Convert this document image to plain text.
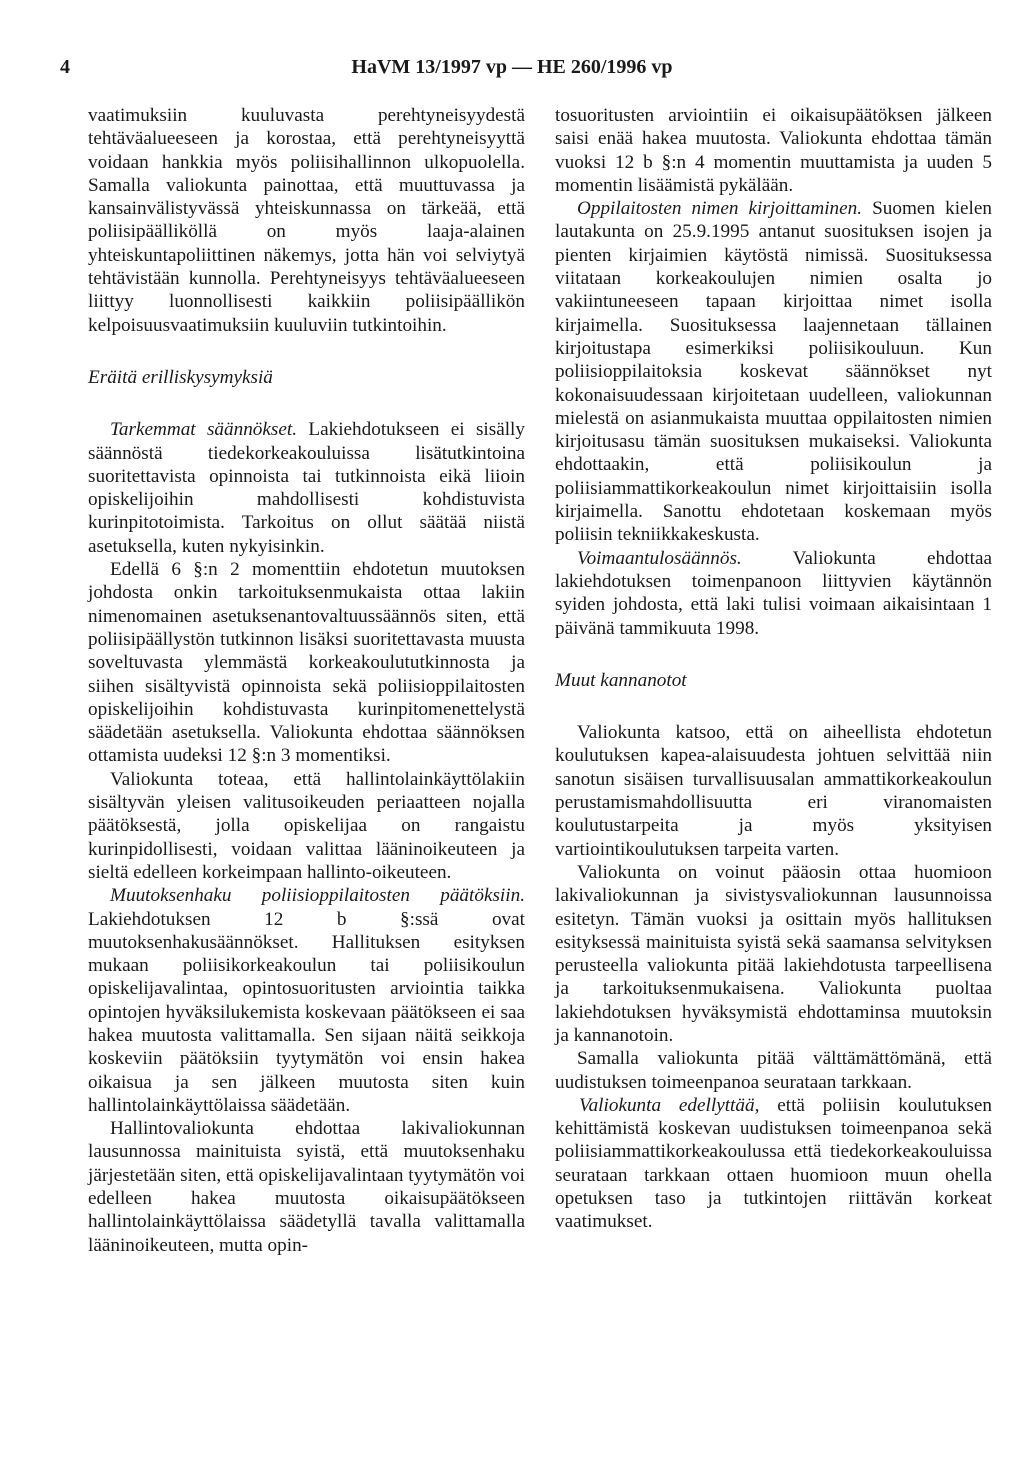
4	HaVM 13/1997 vp — HE 260/1996 vp

vaatimuksiin kuuluvasta perehtyneisyydestä tehtäväalueeseen ja korostaa, että perehtyneisyyttä voidaan hankkia myös poliisihallinnon ulkopuolella. Samalla valiokunta painottaa, että muuttuvassa ja kansainvälistyvässä yhteiskunnassa on tärkeää, että poliisipäälliköllä on myös laaja-alainen yhteiskuntapoliittinen näkemys, jotta hän voi selviytyä tehtävistään kunnolla. Perehtyneisyys tehtäväalueeseen liittyy luonnollisesti kaikkiin poliisipäällikön kelpoisuusvaatimuksiin kuuluviin tutkintoihin.

Eräitä erilliskysymyksiä

Tarkemmat säännökset. Lakiehdotukseen ei sisälly säännöstä tiedekorkeakouluissa lisätutkintoina suoritettavista opinnoista tai tutkinnoista eikä liioin opiskelijoihin mahdollisesti kohdistuvista kurinpitotoimista. Tarkoitus on ollut säätää niistä asetuksella, kuten nykyisinkin.

Edellä 6 §:n 2 momenttiin ehdotetun muutoksen johdosta onkin tarkoituksenmukaista ottaa lakiin nimenomainen asetuksenantovaltuussäännös siten, että poliisipäällystön tutkinnon lisäksi suoritettavasta muusta soveltuvasta ylemmästä korkeakoulututkinnosta ja siihen sisältyvistä opinnoista sekä poliisioppilaitosten opiskelijoihin kohdistuvasta kurinpitomenettelystä säädetään asetuksella. Valiokunta ehdottaa säännöksen ottamista uudeksi 12 §:n 3 momentiksi.

Valiokunta toteaa, että hallintolainkäyttölakiin sisältyvän yleisen valitusoikeuden periaatteen nojalla päätöksestä, jolla opiskelijaa on rangaistu kurinpidollisesti, voidaan valittaa lääninoikeuteen ja sieltä edelleen korkeimpaan hallinto-oikeuteen.

Muutoksenhaku poliisioppilaitosten päätöksiin. Lakiehdotuksen 12 b §:ssä ovat muutoksenhakusäännökset. Hallituksen esityksen mukaan poliisikorkeakoulun tai poliisikoulun opiskelijavalintaa, opintosuoritusten arviointia taikka opintojen hyväksilukemista koskevaan päätökseen ei saa hakea muutosta valittamalla. Sen sijaan näitä seikkoja koskeviin päätöksiin tyytymätön voi ensin hakea oikaisua ja sen jälkeen muutosta siten kuin hallintolainkäyttölaissa säädetään.

Hallintovaliokunta ehdottaa lakivaliokunnan lausunnossa mainituista syistä, että muutoksenhaku järjestetään siten, että opiskelijavalintaan tyytymätön voi edelleen hakea muutosta oikaisupäätökseen hallintolainkäyttölaissa säädetyllä tavalla valittamalla lääninoikeuteen, mutta opin-

tosuoritusten arviointiin ei oikaisupäätöksen jälkeen saisi enää hakea muutosta. Valiokunta ehdottaa tämän vuoksi 12 b §:n 4 momentin muuttamista ja uuden 5 momentin lisäämistä pykälään.

Oppilaitosten nimen kirjoittaminen. Suomen kielen lautakunta on 25.9.1995 antanut suosituksen isojen ja pienten kirjaimien käytöstä nimissä. Suosituksessa viitataan korkeakoulujen nimien osalta jo vakiintuneeseen tapaan kirjoittaa nimet isolla kirjaimella. Suosituksessa laajennetaan tällainen kirjoitustapa esimerkiksi poliisikouluun. Kun poliisioppilaitoksia koskevat säännökset nyt kokonaisuudessaan kirjoitetaan uudelleen, valiokunnan mielestä on asianmukaista muuttaa oppilaitosten nimien kirjoitusasu tämän suosituksen mukaiseksi. Valiokunta ehdottaakin, että poliisikoulun ja poliisiammattikorkeakoulun nimet kirjoittaisiin isolla kirjaimella. Sanottu ehdotetaan koskemaan myös poliisin tekniikkakeskusta.

Voimaantulosäännös.	Valiokunta ehdottaa lakiehdotuksen toimenpanoon liittyvien käytännön syiden johdosta, että laki tulisi voimaan aikaisintaan 1 päivänä tammikuuta 1998.

Muut kannanotot

Valiokunta katsoo, että on aiheellista ehdotetun koulutuksen kapea-alaisuudesta johtuen selvittää niin sanotun sisäisen turvallisuusalan ammattikorkeakoulun perustamismahdollisuutta eri viranomaisten koulutustarpeita ja myös yksityisen vartiointikoulutuksen tarpeita varten.

Valiokunta on voinut pääosin ottaa huomioon lakivaliokunnan ja sivistysvaliokunnan lausunnoissa esitetyn. Tämän vuoksi ja osittain myös hallituksen esityksessä mainituista syistä sekä saamansa selvityksen perusteella valiokunta pitää lakiehdotusta tarpeellisena ja tarkoituksenmukaisena. Valiokunta puoltaa lakiehdotuksen hyväksymistä ehdottaminsa muutoksin ja kannanotoin.

Samalla valiokunta pitää välttämättömänä, että uudistuksen toimeenpanoa seurataan tarkkaan.

Valiokunta edellyttää, että poliisin koulutuksen kehittämistä koskevan uudistuksen toimeenpanoa sekä poliisiammattikorkeakoulussa että tiedekorkeakouluissa seurataan tarkkaan ottaen huomioon muun ohella opetuksen taso ja tutkintojen riittävän korkeat vaatimukset.
